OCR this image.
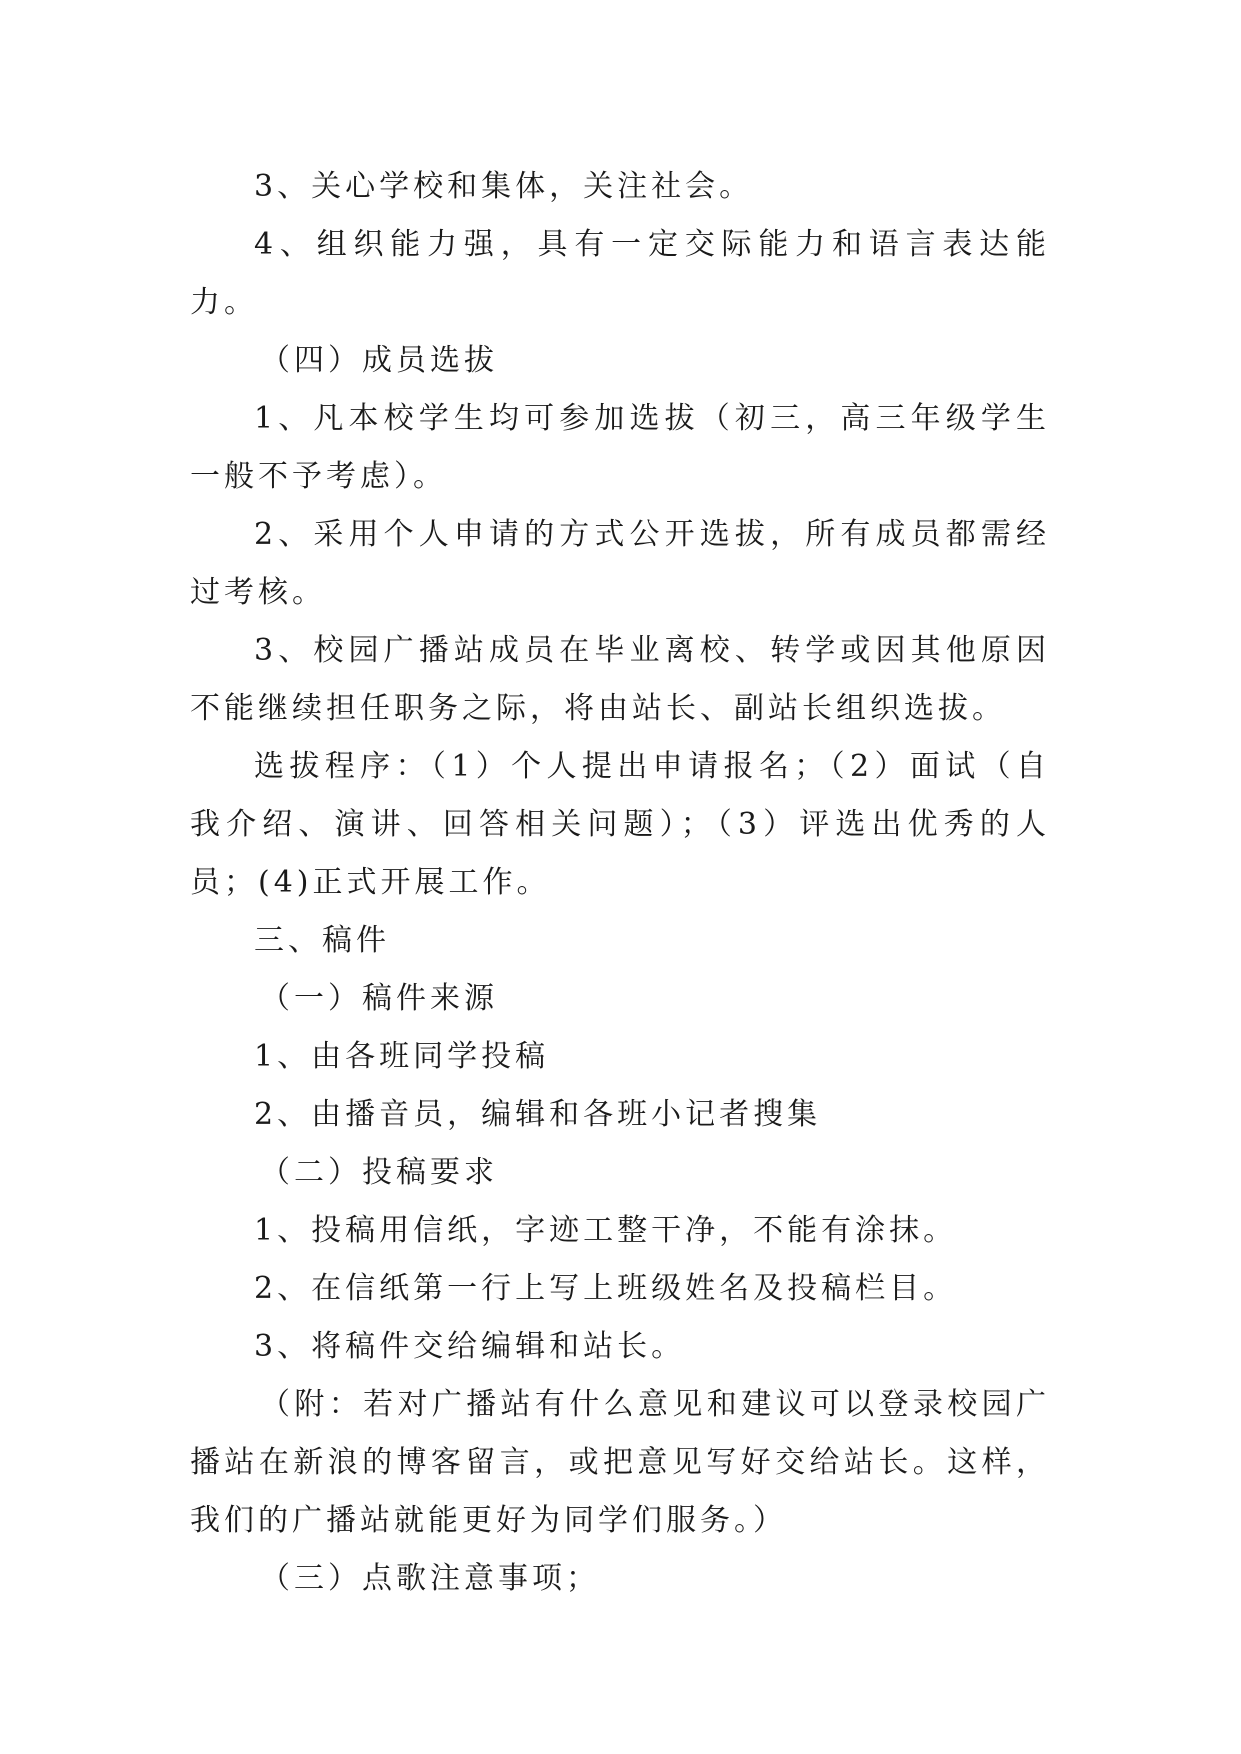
3、关心学校和集体，关注社会。

4、组织能力强，具有一定交际能力和语言表达能力。

（四）成员选拔

1、凡本校学生均可参加选拔（初三，高三年级学生一般不予考虑）。

2、采用个人申请的方式公开选拔，所有成员都需经过考核。

3、校园广播站成员在毕业离校、转学或因其他原因不能继续担任职务之际，将由站长、副站长组织选拔。

选拔程序：（1）个人提出申请报名；（2）面试（自我介绍、演讲、回答相关问题）；（3）评选出优秀的人员；(4)正式开展工作。

三、稿件

（一）稿件来源

1、由各班同学投稿

2、由播音员，编辑和各班小记者搜集

（二）投稿要求

1、投稿用信纸，字迹工整干净，不能有涂抹。

2、在信纸第一行上写上班级姓名及投稿栏目。

3、将稿件交给编辑和站长。

（附：若对广播站有什么意见和建议可以登录校园广播站在新浪的博客留言，或把意见写好交给站长。这样，我们的广播站就能更好为同学们服务。）

（三）点歌注意事项；
